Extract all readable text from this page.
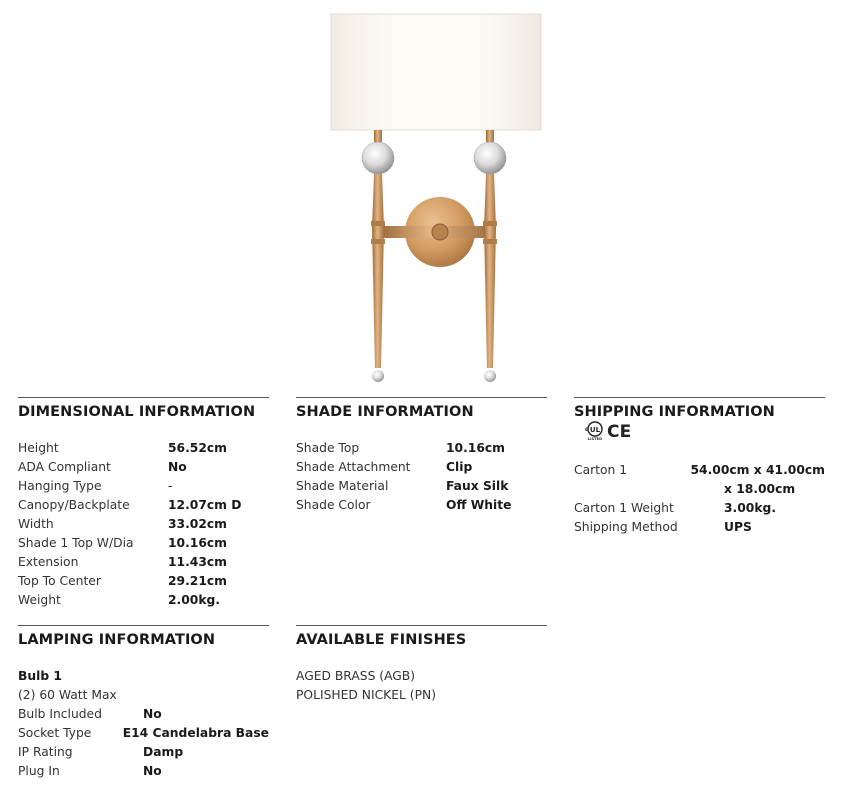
DIMENSIONAL INFORMATION
Height	56.52cm
ADA Compliant	No
Hanging Type	-
Canopy/Backplate	12.07cm D
Width	33.02cm
Shade 1 Top W/Dia	10.16cm
Extension	11.43cm
Top To Center	29.21cm
Weight	2.00kg.
SHADE INFORMATION
Shade Top	10.16cm
Shade Attachment	Clip
Shade Material	Faux Silk
Shade Color	Off White
SHIPPING INFORMATION
UL
c
LISTED CE
Carton 1	54.00cm x 41.00cm
x 18.00cm
Carton 1 Weight	3.00kg.
Shipping Method	UPS
LAMPING INFORMATION
Bulb 1
(2) 60 Watt Max
Bulb Included	No
Socket Type	E14 Candelabra Base
IP Rating	Damp
Plug In	No
AVAILABLE FINISHES
AGED BRASS (AGB)
POLISHED NICKEL (PN)
